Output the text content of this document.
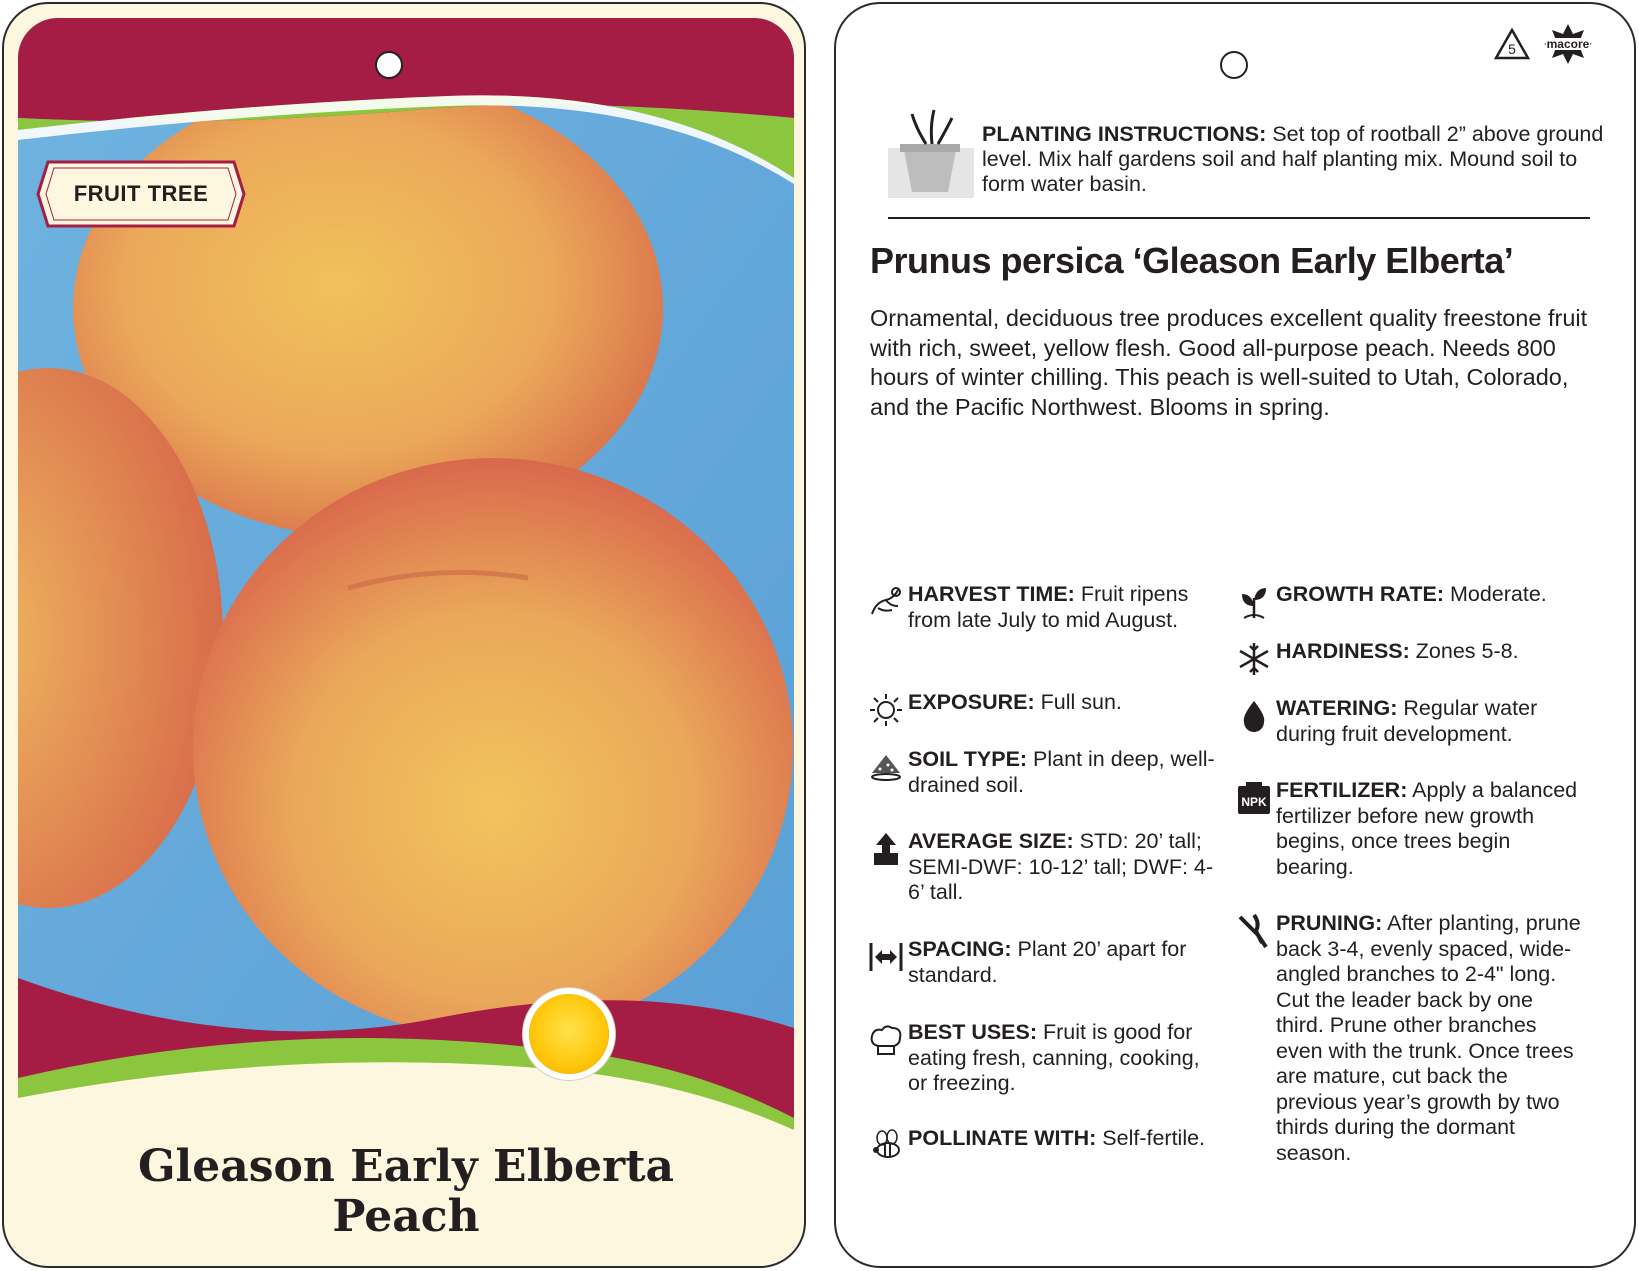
FRUIT TREE
Gleason Early Elberta
Peach
5	macore
PLANTING INSTRUCTIONS: Set top of rootball 2” above ground level. Mix half gardens soil and half planting mix. Mound soil to form water basin.
Prunus persica ‘Gleason Early Elberta’
Ornamental, deciduous tree produces excellent quality freestone fruit with rich, sweet, yellow flesh. Good all-purpose peach. Needs 800 hours of winter chilling. This peach is well-suited to Utah, Colorado, and the Pacific Northwest. Blooms in spring.
HARVEST TIME: Fruit ripens from late July to mid August.
EXPOSURE: Full sun.
SOIL TYPE: Plant in deep, well-drained soil.
AVERAGE SIZE: STD: 20’ tall; SEMI-DWF: 10-12’ tall; DWF: 4-6’ tall.
SPACING: Plant 20’ apart for standard.
BEST USES: Fruit is good for eating fresh, canning, cooking, or freezing.
POLLINATE WITH: Self-fertile.
GROWTH RATE: Moderate.
HARDINESS: Zones 5-8.
WATERING: Regular water during fruit development.
NPK FERTILIZER: Apply a balanced fertilizer before new growth begins, once trees begin bearing.
PRUNING: After planting, prune back 3-4, evenly spaced, wide-angled branches to 2-4" long. Cut the leader back by one third. Prune other branches even with the trunk. Once trees are mature, cut back the previous year’s growth by two thirds during the dormant season.
